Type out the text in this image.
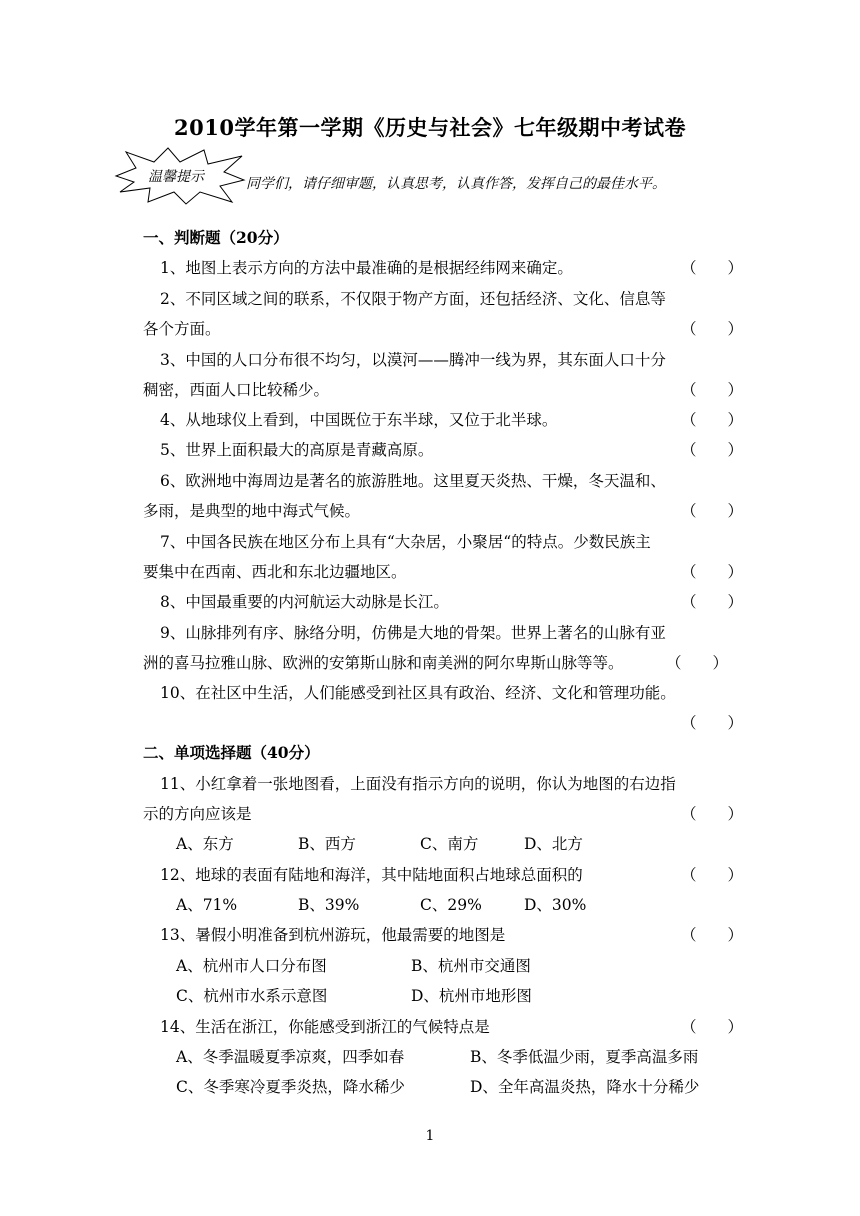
2010学年第一学期《历史与社会》七年级期中考试卷
温馨提示	同学们，请仔细审题，认真思考，认真作答，发挥自己的最佳水平。
一、判断题（20分）
1、地图上表示方向的方法中最准确的是根据经纬网来确定。	（　　）
2、不同区域之间的联系，不仅限于物产方面，还包括经济、文化、信息等
各个方面。	（　　）
3、中国的人口分布很不均匀，以漠河——腾冲一线为界，其东面人口十分
稠密，西面人口比较稀少。	（　　）
4、从地球仪上看到，中国既位于东半球，又位于北半球。	（　　）
5、世界上面积最大的高原是青藏高原。	（　　）
6、欧洲地中海周边是著名的旅游胜地。这里夏天炎热、干燥，冬天温和、
多雨，是典型的地中海式气候。	（　　）
7、中国各民族在地区分布上具有“大杂居，小聚居“的特点。少数民族主
要集中在西南、西北和东北边疆地区。	（　　）
8、中国最重要的内河航运大动脉是长江。	（　　）
9、山脉排列有序、脉络分明，仿佛是大地的骨架。世界上著名的山脉有亚
洲的喜马拉雅山脉、欧洲的安第斯山脉和南美洲的阿尔卑斯山脉等等。	（　　）
10、在社区中生活，人们能感受到社区具有政治、经济、文化和管理功能。
（　　）
二、单项选择题（40分）
11、小红拿着一张地图看，上面没有指示方向的说明，你认为地图的右边指
示的方向应该是	（　　）
A、东方	B、西方	C、南方	D、北方
12、地球的表面有陆地和海洋，其中陆地面积占地球总面积的	（　　）
A、71%	B、39%	C、29%	D、30%
13、暑假小明准备到杭州游玩，他最需要的地图是	（　　）
A、杭州市人口分布图	B、杭州市交通图
C、杭州市水系示意图	D、杭州市地形图
14、生活在浙江，你能感受到浙江的气候特点是	（　　）
A、冬季温暖夏季凉爽，四季如春	B、冬季低温少雨，夏季高温多雨
C、冬季寒冷夏季炎热，降水稀少	D、全年高温炎热，降水十分稀少
1
